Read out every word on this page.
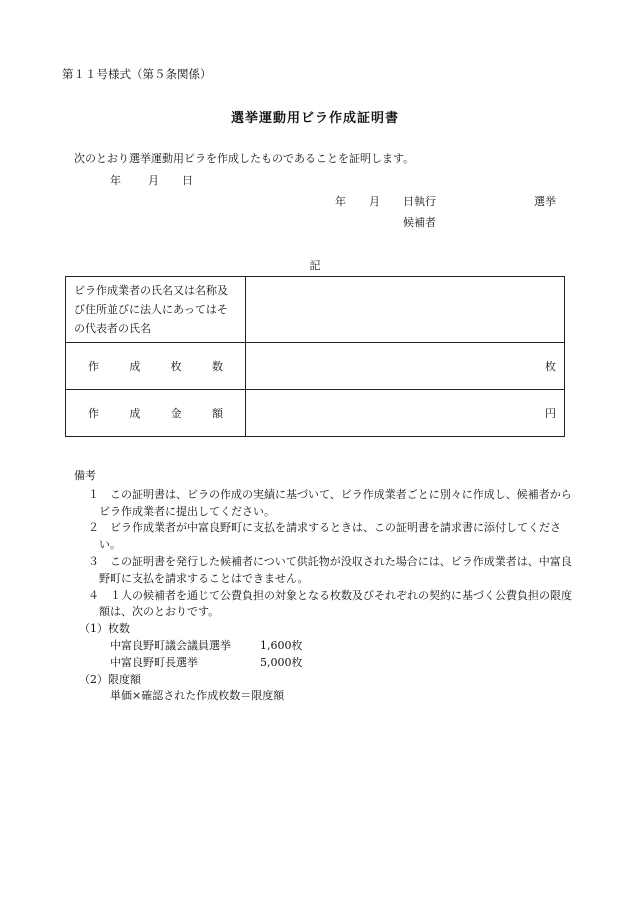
第１１号様式（第５条関係）
選挙運動用ビラ作成証明書
次のとおり選挙運動用ビラを作成したものであることを証明します。
年 月 日
年 月 日執行	選挙
候補者
記
ビラ作成業者の氏名又は名称及び住所並びに法人にあってはその代表者の氏名	

作 成 枚 数	枚

作 成 金 額	円
備考
１ 　この証明書は、ビラの作成の実績に基づいて、ビラ作成業者ごとに別々に作成し、候補者からビラ作成業者に提出してください。
２ 　ビラ作成業者が中富良野町に支払を請求するときは、この証明書を請求書に添付してください。
３ 　この証明書を発行した候補者について供託物が没収された場合には、ビラ作成業者は、中富良野町に支払を請求することはできません。
４ 　１人の候補者を通じて公費負担の対象となる枚数及びそれぞれの契約に基づく公費負担の限度額は、次のとおりです。
（1）枚数
中富良野町議会議員選挙	1,600枚
中富良野町長選挙	5,000枚
（2）限度額
単価×確認された作成枚数＝限度額
